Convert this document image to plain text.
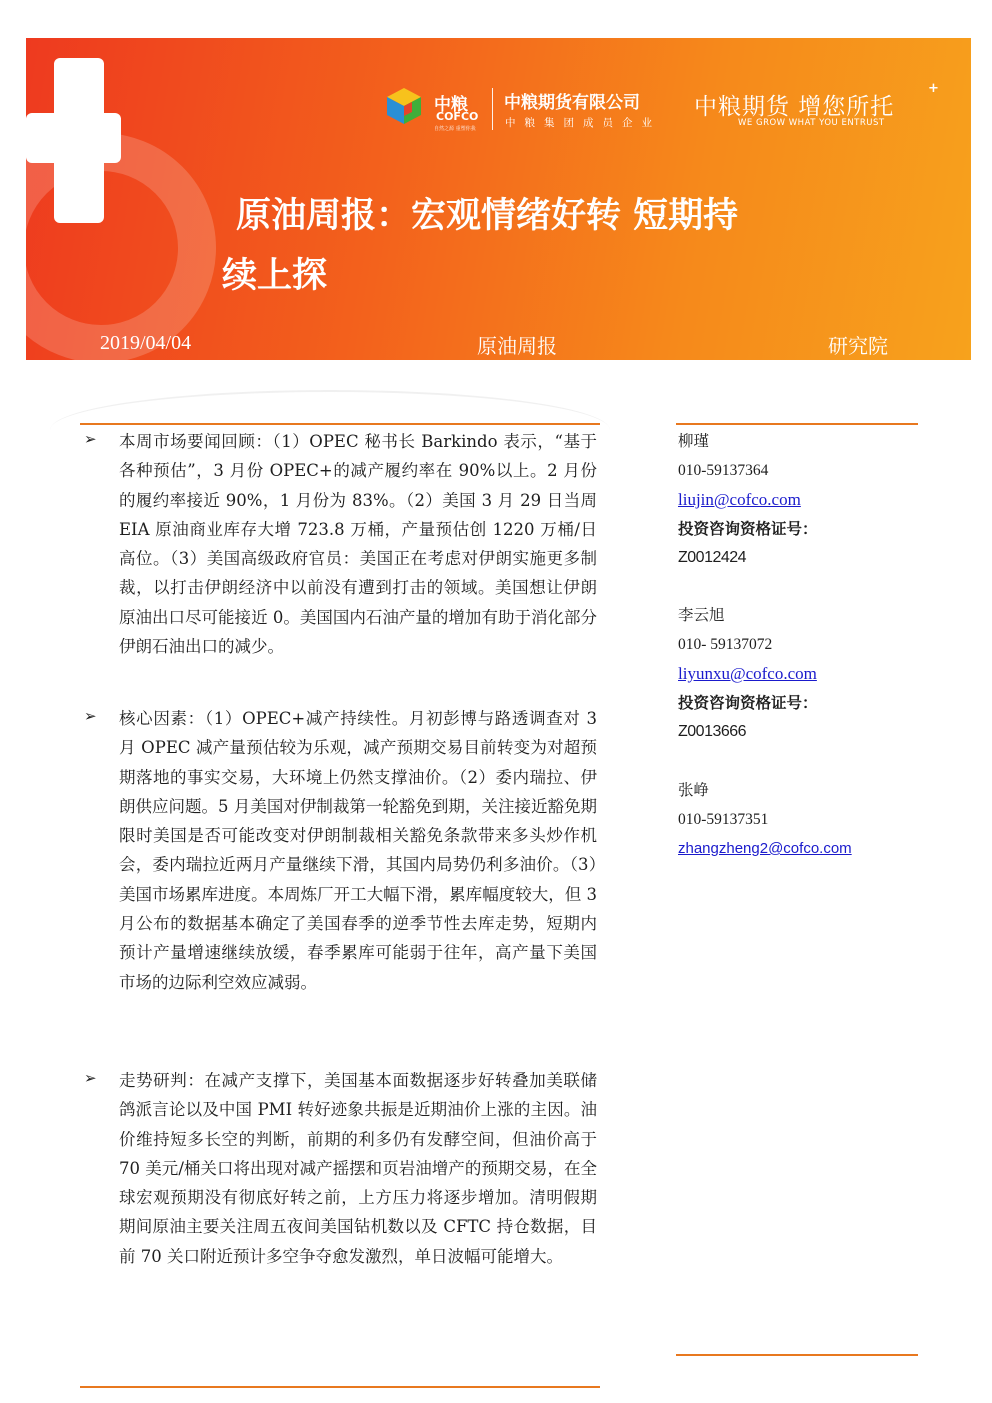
中粮
COFCO
自然之源 重塑你我
中粮期货有限公司
中粮集团成员企业
中粮期货 增您所托
+
WE GROW WHAT YOU ENTRUST
原油周报：宏观情绪好转 短期持
续上探
2019/04/04	原油周报	研究院
➢ 本周市场要闻回顾：（1）OPEC 秘书长 Barkindo 表示，“基于各种预估”，3 月份 OPEC+的减产履约率在 90%以上。2 月份的履约率接近 90%，1 月份为 83%。（2）美国 3 月 29 日当周 EIA 原油商业库存大增 723.8 万桶，产量预估创 1220 万桶/日高位。（3）美国高级政府官员：美国正在考虑对伊朗实施更多制裁，以打击伊朗经济中以前没有遭到打击的领域。美国想让伊朗原油出口尽可能接近 0。美国国内石油产量的增加有助于消化部分伊朗石油出口的减少。

➢ 核心因素：（1）OPEC+减产持续性。月初彭博与路透调查对 3 月 OPEC 减产量预估较为乐观，减产预期交易目前转变为对超预期落地的事实交易，大环境上仍然支撑油价。（2）委内瑞拉、伊朗供应问题。5 月美国对伊制裁第一轮豁免到期，关注接近豁免期限时美国是否可能改变对伊朗制裁相关豁免条款带来多头炒作机会，委内瑞拉近两月产量继续下滑，其国内局势仍利多油价。（3）美国市场累库进度。本周炼厂开工大幅下滑，累库幅度较大，但 3 月公布的数据基本确定了美国春季的逆季节性去库走势，短期内预计产量增速继续放缓，春季累库可能弱于往年，高产量下美国市场的边际利空效应减弱。

➢ 走势研判：在减产支撑下，美国基本面数据逐步好转叠加美联储鸽派言论以及中国 PMI 转好迹象共振是近期油价上涨的主因。油价维持短多长空的判断，前期的利多仍有发酵空间，但油价高于 70 美元/桶关口将出现对减产摇摆和页岩油增产的预期交易，在全球宏观预期没有彻底好转之前，上方压力将逐步增加。清明假期期间原油主要关注周五夜间美国钻机数以及 CFTC 持仓数据，目前 70 关口附近预计多空争夺愈发激烈，单日波幅可能增大。

柳瑾
010-59137364
liujin@cofco.com
投资咨询资格证号：
Z0012424
李云旭
010- 59137072
liyunxu@cofco.com
投资咨询资格证号：
Z0013666
张峥
010-59137351
zhangzheng2@cofco.com
